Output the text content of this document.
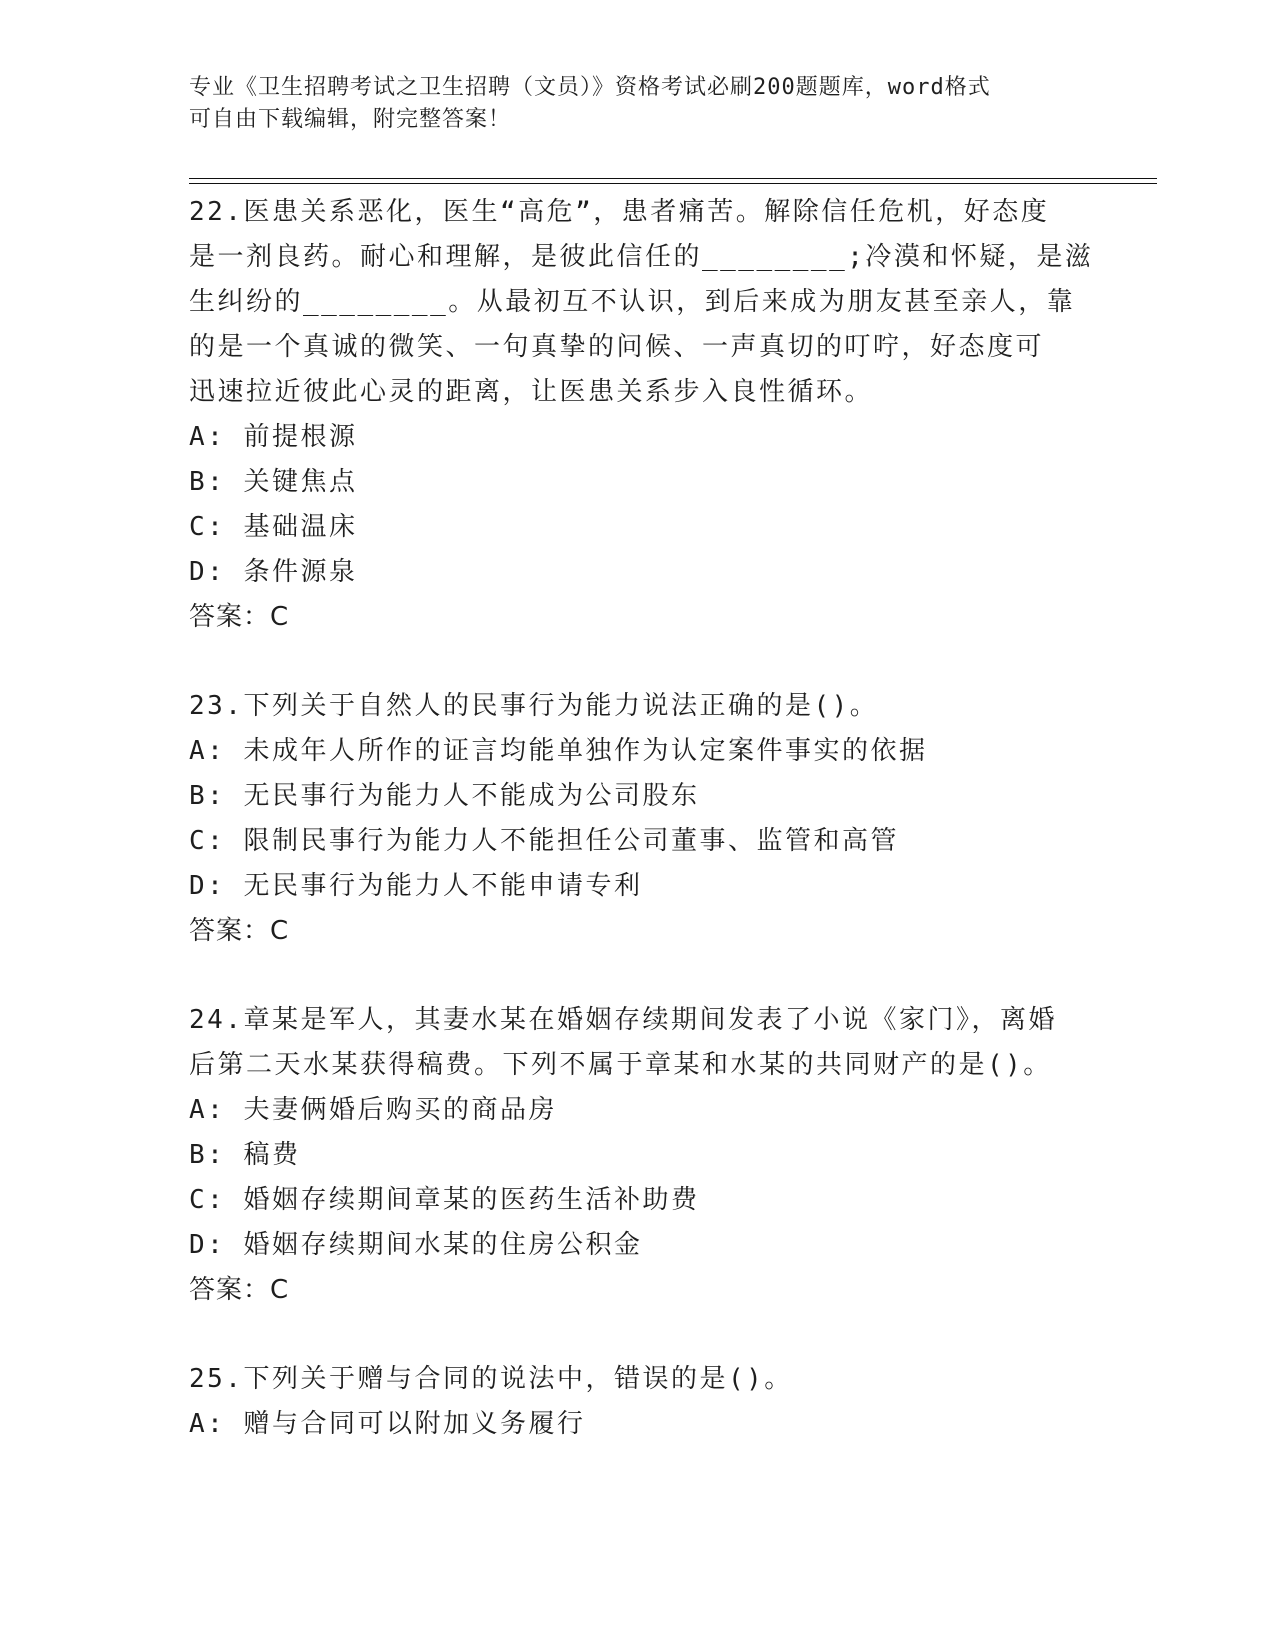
专业《卫生招聘考试之卫生招聘（文员）》资格考试必刷200题题库，word格式
可自由下载编辑，附完整答案！
22.医患关系恶化，医生“高危”，患者痛苦。解除信任危机，好态度
是一剂良药。耐心和理解，是彼此信任的________;冷漠和怀疑，是滋
生纠纷的________。从最初互不认识，到后来成为朋友甚至亲人，靠
的是一个真诚的微笑、一句真挚的问候、一声真切的叮咛，好态度可
迅速拉近彼此心灵的距离，让医患关系步入良性循环。
A: 前提根源
B: 关键焦点
C: 基础温床
D: 条件源泉
答案：C
23.下列关于自然人的民事行为能力说法正确的是()。
A: 未成年人所作的证言均能单独作为认定案件事实的依据
B: 无民事行为能力人不能成为公司股东
C: 限制民事行为能力人不能担任公司董事、监管和高管
D: 无民事行为能力人不能申请专利
答案：C
24.章某是军人，其妻水某在婚姻存续期间发表了小说《家门》，离婚
后第二天水某获得稿费。下列不属于章某和水某的共同财产的是()。
A: 夫妻俩婚后购买的商品房
B: 稿费
C: 婚姻存续期间章某的医药生活补助费
D: 婚姻存续期间水某的住房公积金
答案：C
25.下列关于赠与合同的说法中，错误的是()。
A: 赠与合同可以附加义务履行
